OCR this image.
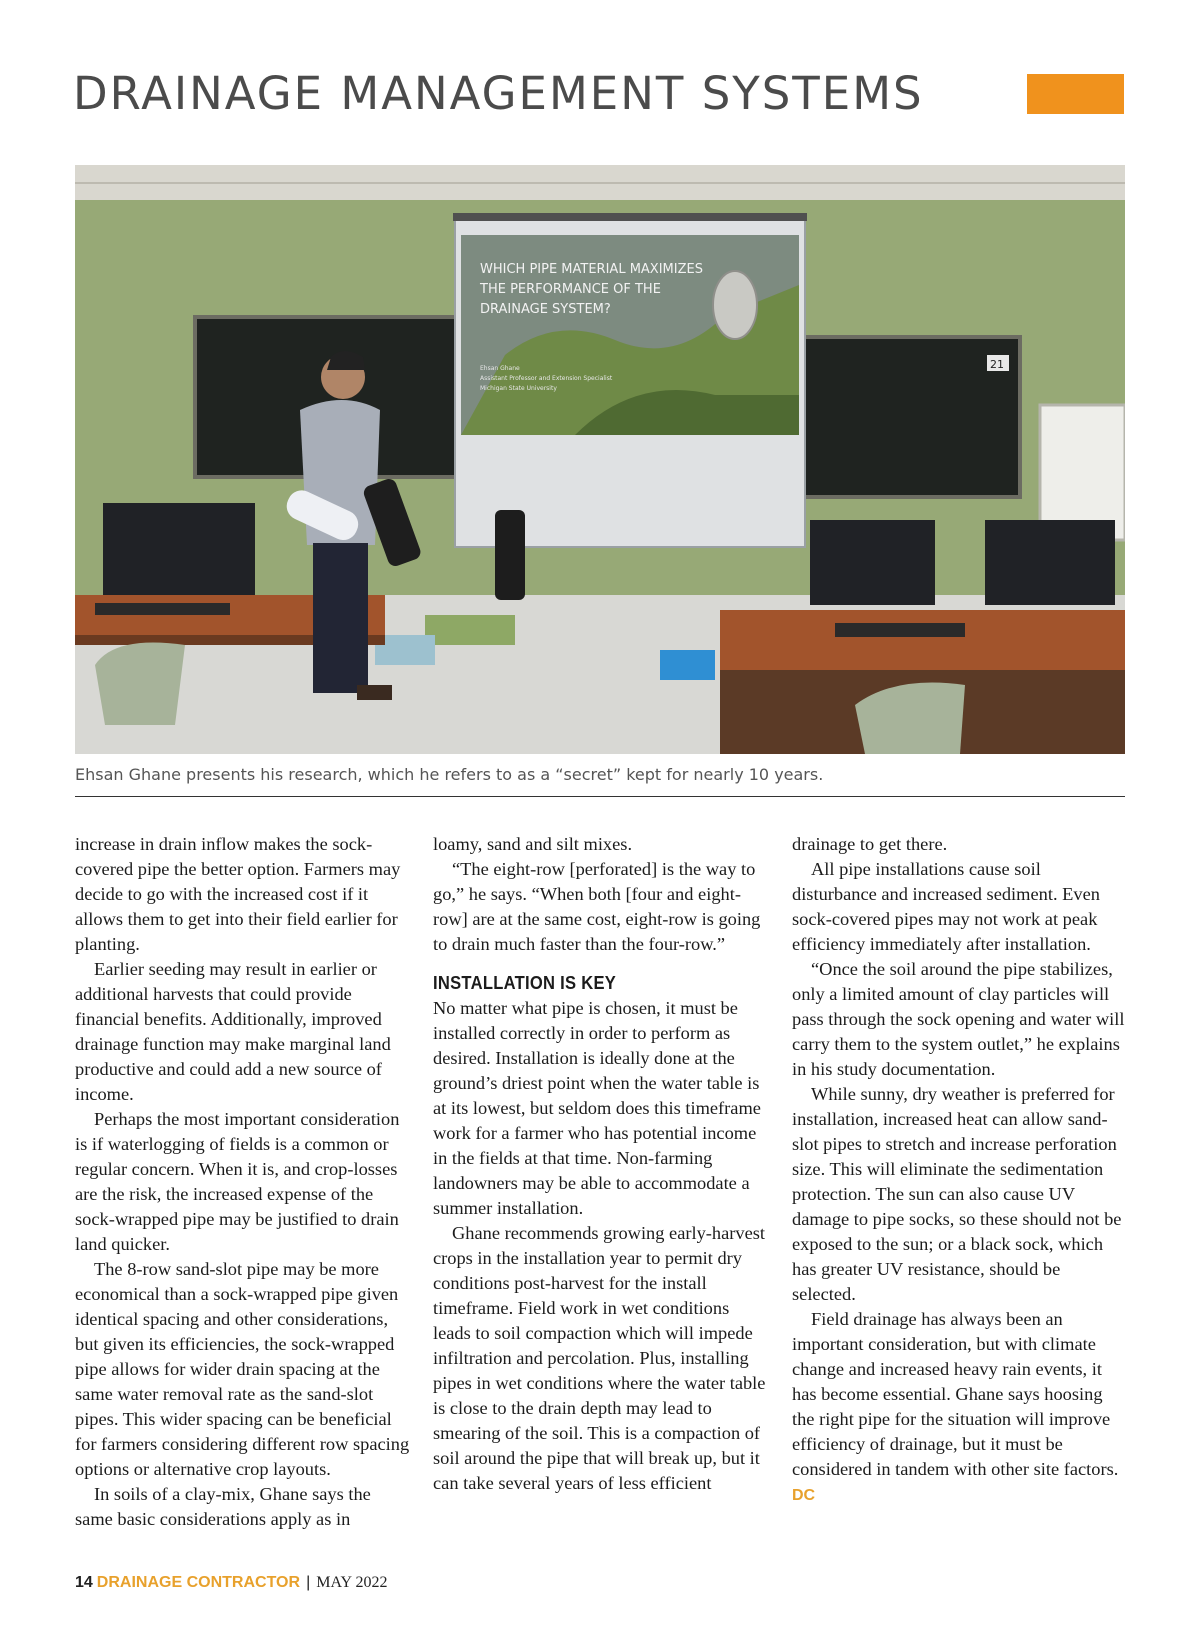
DRAINAGE MANAGEMENT SYSTEMS
21
WHICH PIPE MATERIAL MAXIMIZES
THE PERFORMANCE OF THE
DRAINAGE SYSTEM?
Ehsan Ghane
Assistant Professor and Extension Specialist
Michigan State University
Ehsan Ghane presents his research, which he refers to as a “secret” kept for nearly 10 years.

increase in drain inflow makes the sock-covered pipe the better option. Farmers may decide to go with the increased cost if it allows them to get into their field earlier for planting.

Earlier seeding may result in earlier or additional harvests that could provide financial benefits. Additionally, improved drainage function may make marginal land productive and could add a new source of income.

Perhaps the most important consideration is if waterlogging of fields is a common or regular concern. When it is, and crop-losses are the risk, the increased expense of the sock-wrapped pipe may be justified to drain land quicker.

The 8-row sand-slot pipe may be more economical than a sock-wrapped pipe given identical spacing and other considerations, but given its efficiencies, the sock-wrapped pipe allows for wider drain spacing at the same water removal rate as the sand-slot pipes. This wider spacing can be beneficial for farmers considering different row spacing options or alternative crop layouts.

In soils of a clay-mix, Ghane says the same basic considerations apply as in

loamy, sand and silt mixes.

“The eight-row [perforated] is the way to go,” he says. “When both [four and eight-row] are at the same cost, eight-row is going to drain much faster than the four-row.”

INSTALLATION IS KEY

No matter what pipe is chosen, it must be installed correctly in order to perform as desired. Installation is ideally done at the ground’s driest point when the water table is at its lowest, but seldom does this timeframe work for a farmer who has potential income in the fields at that time. Non-farming landowners may be able to accommodate a summer installation.

Ghane recommends growing early-harvest crops in the installation year to permit dry conditions post-harvest for the install timeframe. Field work in wet conditions leads to soil compaction which will impede infiltration and percolation. Plus, installing pipes in wet conditions where the water table is close to the drain depth may lead to smearing of the soil. This is a compaction of soil around the pipe that will break up, but it can take several years of less efficient

drainage to get there.

All pipe installations cause soil disturbance and increased sediment. Even sock-covered pipes may not work at peak efficiency immediately after installation.

“Once the soil around the pipe stabilizes, only a limited amount of clay particles will pass through the sock opening and water will carry them to the system outlet,” he explains in his study documentation.

While sunny, dry weather is preferred for installation, increased heat can allow sand-slot pipes to stretch and increase perforation size. This will eliminate the sedimentation protection. The sun can also cause UV damage to pipe socks, so these should not be exposed to the sun; or a black sock, which has greater UV resistance, should be selected.

Field drainage has always been an important consideration, but with climate change and increased heavy rain events, it has become essential. Ghane says hoosing the right pipe for the situation will improve efficiency of drainage, but it must be considered in tandem with other site factors. DC

14 DRAINAGE CONTRACTOR | MAY 2022
